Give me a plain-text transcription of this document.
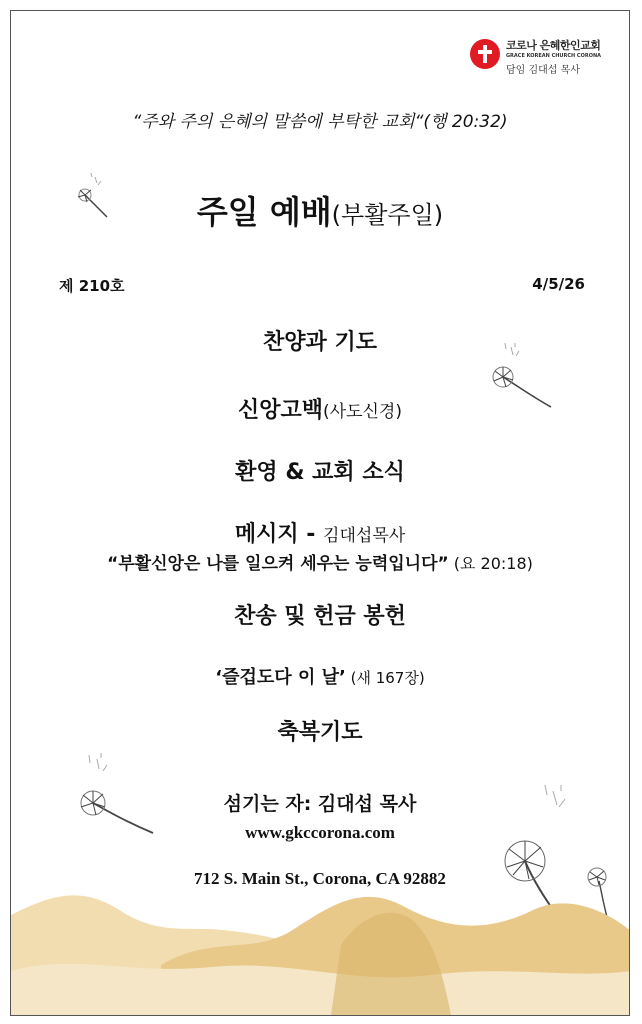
코로나 은혜한인교회
GRACE KOREAN CHURCH CORONA
담임 김대섭 목사
“주와 주의 은혜의 말씀에 부탁한 교회“(행 20:32)
주일 예배(부활주일)
제 210호	4/5/26
찬양과 기도
신앙고백(사도신경)
환영 & 교회 소식
메시지 - 김대섭목사
“부활신앙은 나를 일으켜 세우는 능력입니다” (요 20:18)
찬송 및 헌금 봉헌
‘즐겁도다 이 날’ (새 167장)
축복기도
섬기는 자: 김대섭 목사
www.gkccorona.com
712 S. Main St., Corona, CA 92882
